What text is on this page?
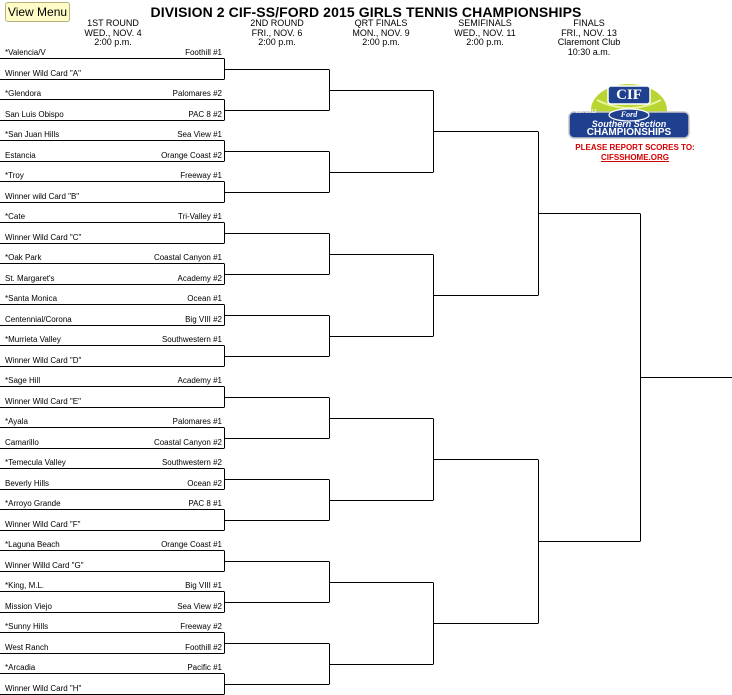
View Menu	DIVISION 2 CIF-SS/FORD 2015 GIRLS TENNIS CHAMPIONSHIPS
1ST ROUND
WED., NOV. 4
2:00 p.m.
2ND ROUND
FRI., NOV. 6
2:00 p.m.
QRT FINALS
MON., NOV. 9
2:00 p.m.
SEMIFINALS
WED., NOV. 11
2:00 p.m.
FINALS
FRI., NOV. 13
Claremont Club
10:30 a.m.
*Valencia/V	Foothill #1
Winner Wild Card "A"
*Glendora	Palomares #2
San Luis Obispo	PAC 8 #2
*San Juan Hills	Sea View #1
Estancia	Orange Coast #2
*Troy	Freeway #1
Winner wild Card "B"
*Cate	Tri-Valley #1
Winner Wild Card "C"
*Oak Park	Coastal Canyon #1
St. Margaret's	Academy #2
*Santa Monica	Ocean #1
Centennial/Corona	Big VIII #2
*Murrieta Valley	Southwestern #1
Winner Wild Card "D"
*Sage Hill	Academy #1
Winner Wild Card "E"
*Ayala	Palomares #1
Camarillo	Coastal Canyon #2
*Temecula Valley	Southwestern #2
Beverly Hills	Ocean #2
*Arroyo Grande	PAC 8 #1
Winner Wild Card "F"
*Laguna Beach	Orange Coast #1
Winner Willd Card "G"
*King, M.L.	Big VIII #1
Mission Viejo	Sea View #2
*Sunny Hills	Freeway #2
West Ranch	Foothill #2
*Arcadia	Pacific #1
Winner Wild Card "H"
CIF
Ford
Est. 1913
Southern Section
CHAMPIONSHIPS
PLEASE REPORT SCORES TO:
CIFSSHOME.ORG
